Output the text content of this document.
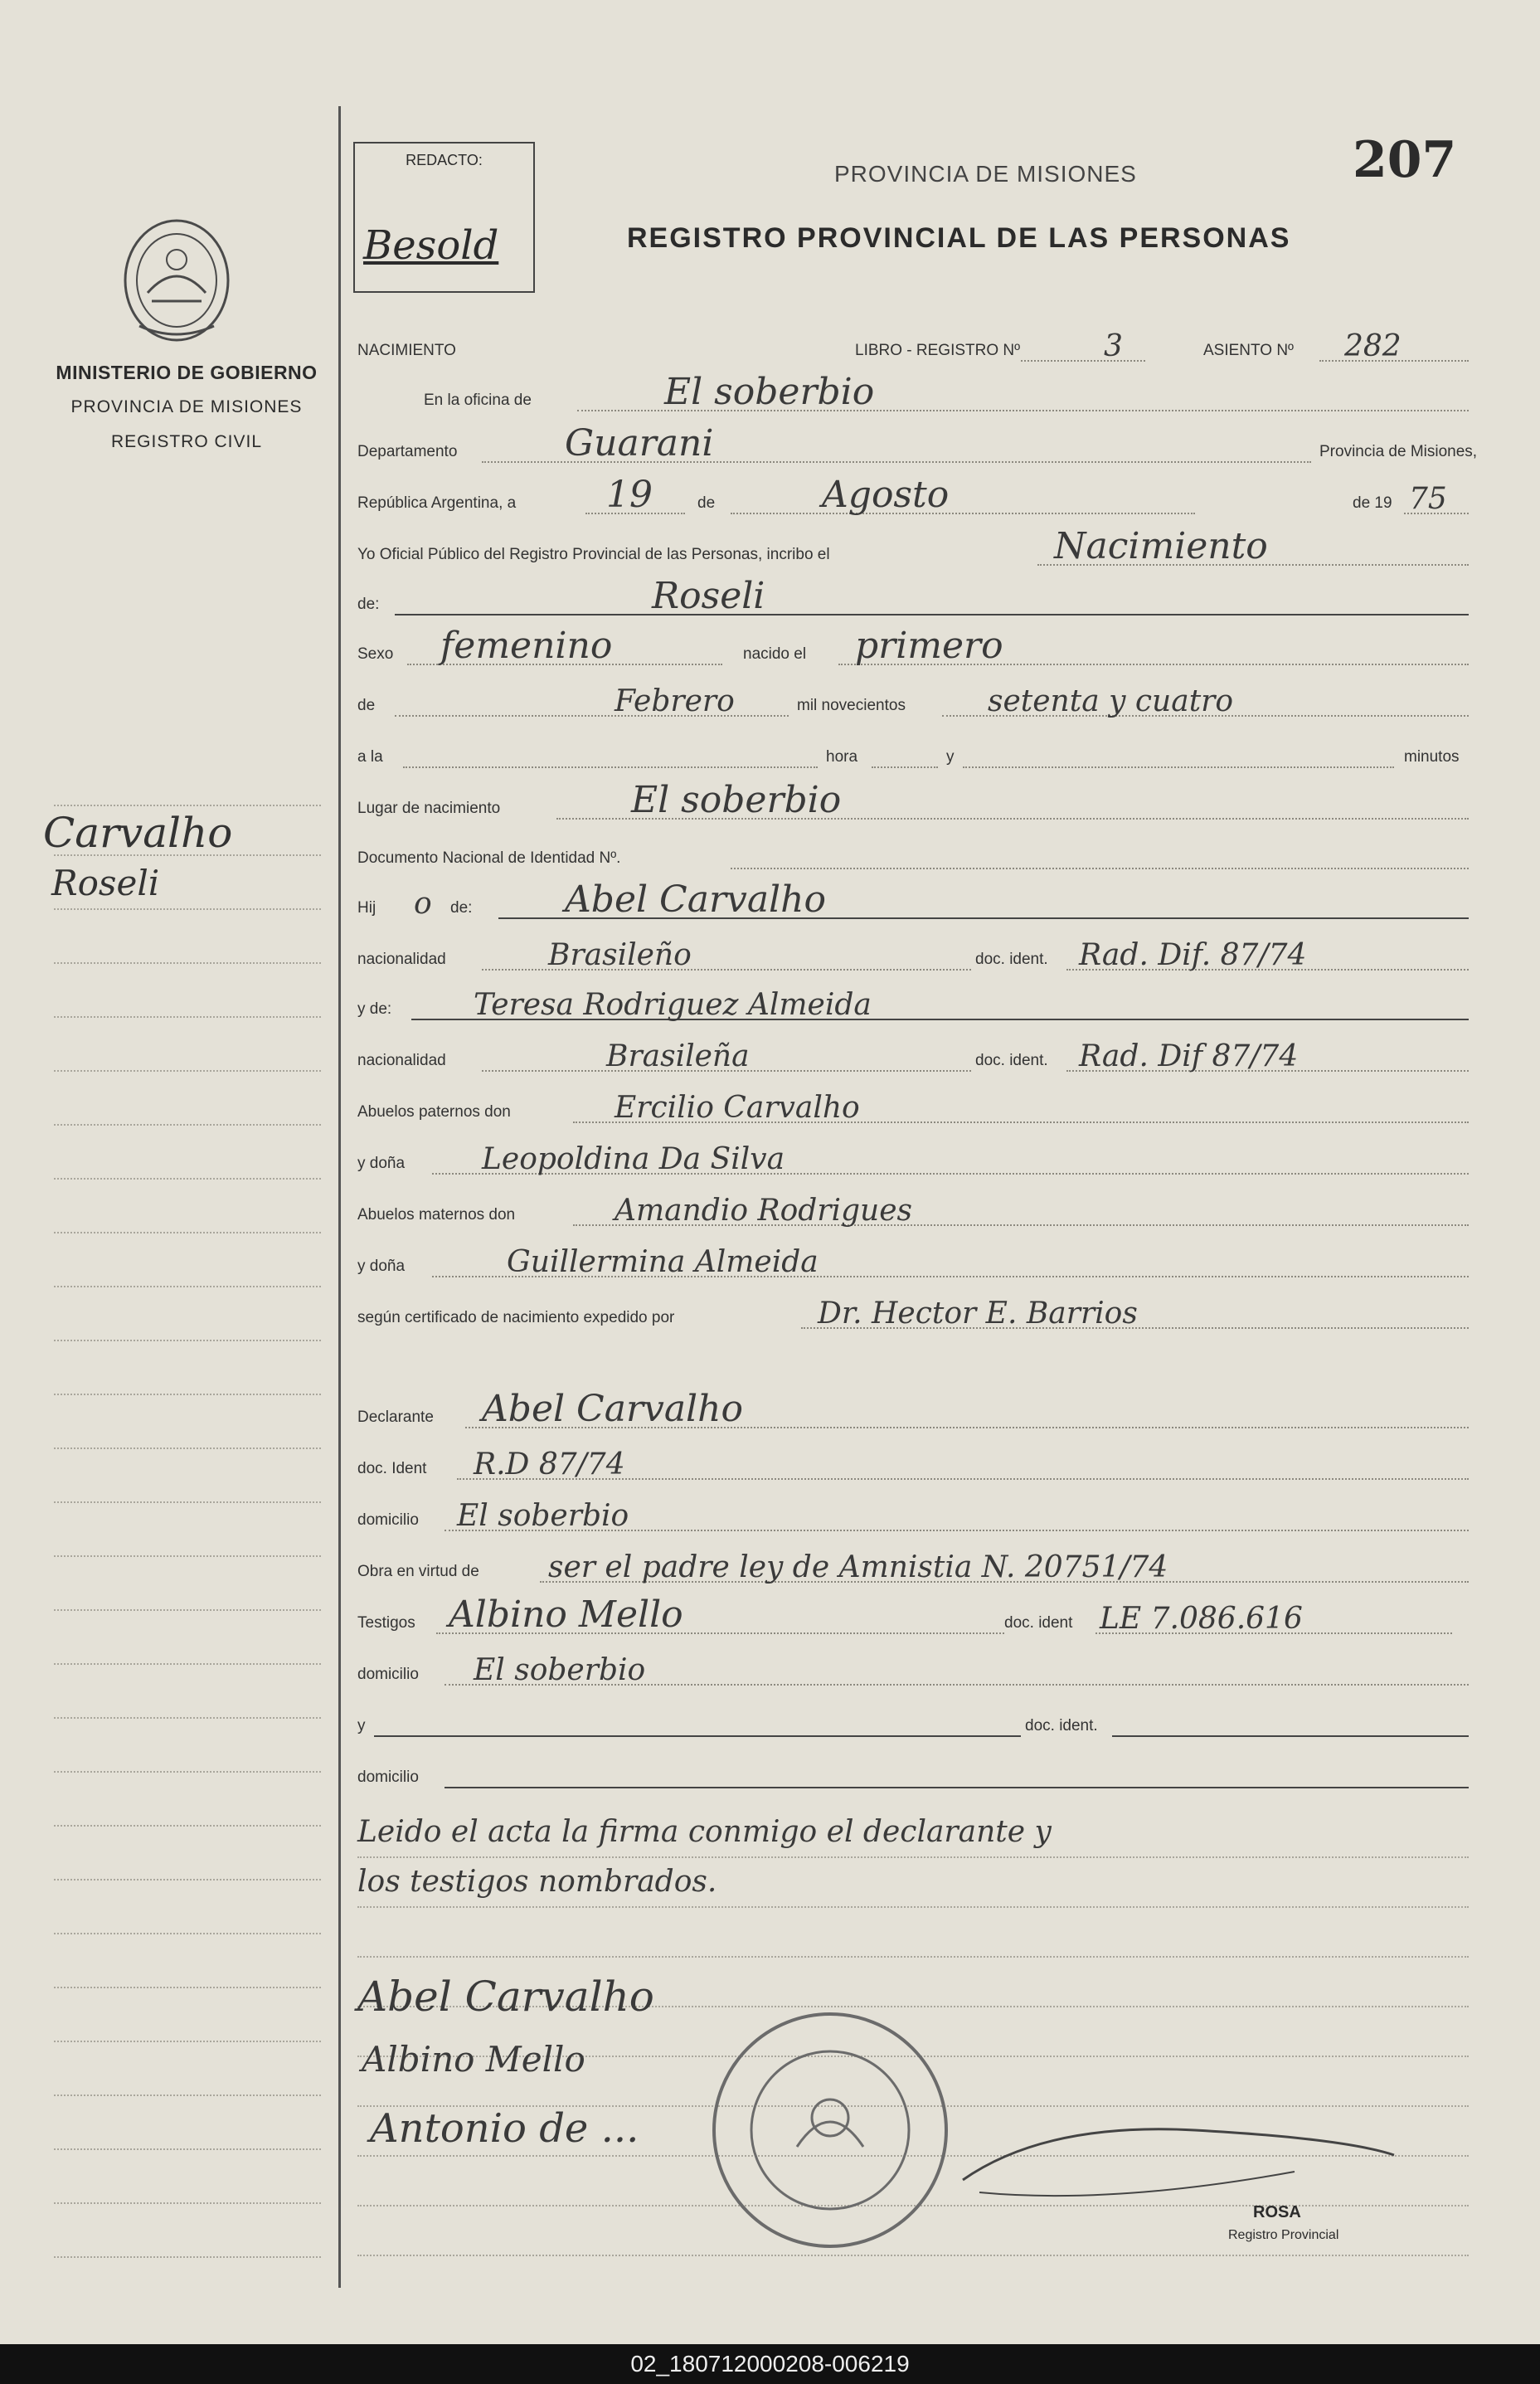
MINISTERIO DE GOBIERNO
PROVINCIA DE MISIONES
REGISTRO CIVIL
Carvalho
Roseli
REDACTO:
Besold
PROVINCIA DE MISIONES
REGISTRO PROVINCIAL DE LAS PERSONAS
207
NACIMIENTO	LIBRO - REGISTRO Nº	3	ASIENTO Nº 282
En la oficina de	El soberbio
Departamento	Guarani	Provincia de Misiones,
República Argentina, a 19	de	Agosto	de 19 75
Yo Oficial Público del Registro Provincial de las Personas, incribo el	Nacimiento
de:	Roseli
Sexo femenino	nacido el primero
de	Febrero	mil novecientos	setenta y cuatro
a la	hora	y	minutos
Lugar de nacimiento	El soberbio
Documento Nacional de Identidad Nº.
Hij o de:	Abel Carvalho
nacionalidad	Brasileño	doc. ident. Rad. Dif. 87/74
y de:	Teresa Rodriguez Almeida
nacionalidad	Brasileña	doc. ident. Rad. Dif 87/74
Abuelos paternos don	Ercilio Carvalho
y doña	Leopoldina Da Silva
Abuelos maternos don	Amandio Rodrigues
y doña	Guillermina Almeida
según certificado de nacimiento expedido por	Dr. Hector E. Barrios
Declarante Abel Carvalho
doc. Ident R.D 87/74
domicilio El soberbio
Obra en virtud de ser el padre ley de Amnistia N. 20751/74
Testigos Albino Mello	doc. ident LE 7.086.616
domicilio El soberbio
y	doc. ident.
domicilio
Leido el acta la firma conmigo el declarante y
los testigos nombrados.
Abel Carvalho
Albino Mello
Antonio de ...
ROSA
Registro Provincial
02_180712000208-006219
